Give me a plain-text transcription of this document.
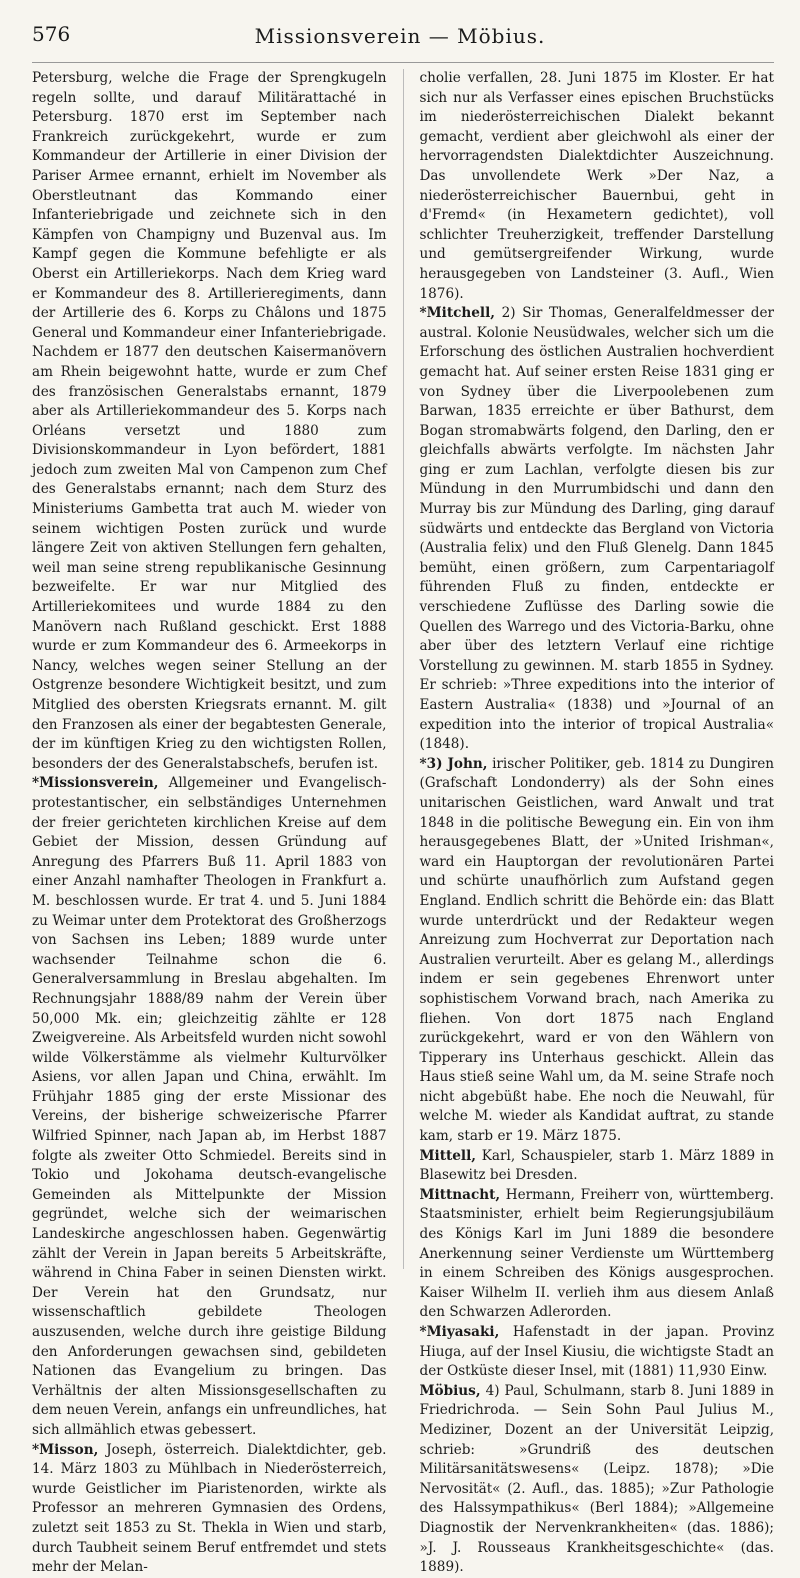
576	Missionsverein — Möbius.

Petersburg, welche die Frage der Sprengkugeln regeln sollte, und darauf Militärattaché in Petersburg. 1870 erst im September nach Frankreich zurückgekehrt, wurde er zum Kommandeur der Artillerie in einer Division der Pariser Armee ernannt, erhielt im November als Oberstleutnant das Kommando einer Infanteriebrigade und zeichnete sich in den Kämpfen von Champigny und Buzenval aus. Im Kampf gegen die Kommune befehligte er als Oberst ein Artilleriekorps. Nach dem Krieg ward er Kommandeur des 8. Artillerieregiments, dann der Artillerie des 6. Korps zu Châlons und 1875 General und Kommandeur einer Infanteriebrigade. Nachdem er 1877 den deutschen Kaisermanövern am Rhein beigewohnt hatte, wurde er zum Chef des französischen Generalstabs ernannt, 1879 aber als Artilleriekommandeur des 5. Korps nach Orléans versetzt und 1880 zum Divisionskommandeur in Lyon befördert, 1881 jedoch zum zweiten Mal von Campenon zum Chef des Generalstabs ernannt; nach dem Sturz des Ministeriums Gambetta trat auch M. wieder von seinem wichtigen Posten zurück und wurde längere Zeit von aktiven Stellungen fern gehalten, weil man seine streng republikanische Gesinnung bezweifelte. Er war nur Mitglied des Artilleriekomitees und wurde 1884 zu den Manövern nach Rußland geschickt. Erst 1888 wurde er zum Kommandeur des 6. Armeekorps in Nancy, welches wegen seiner Stellung an der Ostgrenze besondere Wichtigkeit besitzt, und zum Mitglied des obersten Kriegsrats ernannt. M. gilt den Franzosen als einer der begabtesten Generale, der im künftigen Krieg zu den wichtigsten Rollen, besonders der des Generalstabschefs, berufen ist.

*Missionsverein, Allgemeiner und Evangelisch-protestantischer, ein selbständiges Unternehmen der freier gerichteten kirchlichen Kreise auf dem Gebiet der Mission, dessen Gründung auf Anregung des Pfarrers Buß 11. April 1883 von einer Anzahl namhafter Theologen in Frankfurt a. M. beschlossen wurde. Er trat 4. und 5. Juni 1884 zu Weimar unter dem Protektorat des Großherzogs von Sachsen ins Leben; 1889 wurde unter wachsender Teilnahme schon die 6. Generalversammlung in Breslau abgehalten. Im Rechnungsjahr 1888/89 nahm der Verein über 50,000 Mk. ein; gleichzeitig zählte er 128 Zweigvereine. Als Arbeitsfeld wurden nicht sowohl wilde Völkerstämme als vielmehr Kulturvölker Asiens, vor allen Japan und China, erwählt. Im Frühjahr 1885 ging der erste Missionar des Vereins, der bisherige schweizerische Pfarrer Wilfried Spinner, nach Japan ab, im Herbst 1887 folgte als zweiter Otto Schmiedel. Bereits sind in Tokio und Jokohama deutsch-evangelische Gemeinden als Mittelpunkte der Mission gegründet, welche sich der weimarischen Landeskirche angeschlossen haben. Gegenwärtig zählt der Verein in Japan bereits 5 Arbeitskräfte, während in China Faber in seinen Diensten wirkt. Der Verein hat den Grundsatz, nur wissenschaftlich gebildete Theologen auszusenden, welche durch ihre geistige Bildung den Anforderungen gewachsen sind, gebildeten Nationen das Evangelium zu bringen. Das Verhältnis der alten Missionsgesellschaften zu dem neuen Verein, anfangs ein unfreundliches, hat sich allmählich etwas gebessert.

*Misson, Joseph, österreich. Dialektdichter, geb. 14. März 1803 zu Mühlbach in Niederösterreich, wurde Geistlicher im Piaristenorden, wirkte als Professor an mehreren Gymnasien des Ordens, zuletzt seit 1853 zu St. Thekla in Wien und starb, durch Taubheit seinem Beruf entfremdet und stets mehr der Melan-

cholie verfallen, 28. Juni 1875 im Kloster. Er hat sich nur als Verfasser eines epischen Bruchstücks im niederösterreichischen Dialekt bekannt gemacht, verdient aber gleichwohl als einer der hervorragendsten Dialektdichter Auszeichnung. Das unvollendete Werk »Der Naz, a niederösterreichischer Bauernbui, geht in d'Fremd« (in Hexametern gedichtet), voll schlichter Treuherzigkeit, treffender Darstellung und gemütsergreifender Wirkung, wurde herausgegeben von Landsteiner (3. Aufl., Wien 1876).

*Mitchell, 2) Sir Thomas, Generalfeldmesser der austral. Kolonie Neusüdwales, welcher sich um die Erforschung des östlichen Australien hochverdient gemacht hat. Auf seiner ersten Reise 1831 ging er von Sydney über die Liverpoolebenen zum Barwan, 1835 erreichte er über Bathurst, dem Bogan stromabwärts folgend, den Darling, den er gleichfalls abwärts verfolgte. Im nächsten Jahr ging er zum Lachlan, verfolgte diesen bis zur Mündung in den Murrumbidschi und dann den Murray bis zur Mündung des Darling, ging darauf südwärts und entdeckte das Bergland von Victoria (Australia felix) und den Fluß Glenelg. Dann 1845 bemüht, einen größern, zum Carpentariagolf führenden Fluß zu finden, entdeckte er verschiedene Zuflüsse des Darling sowie die Quellen des Warrego und des Victoria-Barku, ohne aber über des letztern Verlauf eine richtige Vorstellung zu gewinnen. M. starb 1855 in Sydney. Er schrieb: »Three expeditions into the interior of Eastern Australia« (1838) und »Journal of an expedition into the interior of tropical Australia« (1848).

*3) John, irischer Politiker, geb. 1814 zu Dungiren (Grafschaft Londonderry) als der Sohn eines unitarischen Geistlichen, ward Anwalt und trat 1848 in die politische Bewegung ein. Ein von ihm herausgegebenes Blatt, der »United Irishman«, ward ein Hauptorgan der revolutionären Partei und schürte unaufhörlich zum Aufstand gegen England. Endlich schritt die Behörde ein: das Blatt wurde unterdrückt und der Redakteur wegen Anreizung zum Hochverrat zur Deportation nach Australien verurteilt. Aber es gelang M., allerdings indem er sein gegebenes Ehrenwort unter sophistischem Vorwand brach, nach Amerika zu fliehen. Von dort 1875 nach England zurückgekehrt, ward er von den Wählern von Tipperary ins Unterhaus geschickt. Allein das Haus stieß seine Wahl um, da M. seine Strafe noch nicht abgebüßt habe. Ehe noch die Neuwahl, für welche M. wieder als Kandidat auftrat, zu stande kam, starb er 19. März 1875.

Mittell, Karl, Schauspieler, starb 1. März 1889 in Blasewitz bei Dresden.

Mittnacht, Hermann, Freiherr von, württemberg. Staatsminister, erhielt beim Regierungsjubiläum des Königs Karl im Juni 1889 die besondere Anerkennung seiner Verdienste um Württemberg in einem Schreiben des Königs ausgesprochen. Kaiser Wilhelm II. verlieh ihm aus diesem Anlaß den Schwarzen Adlerorden.

*Miyasaki, Hafenstadt in der japan. Provinz Hiuga, auf der Insel Kiusiu, die wichtigste Stadt an der Ostküste dieser Insel, mit (1881) 11,930 Einw.

Möbius, 4) Paul, Schulmann, starb 8. Juni 1889 in Friedrichroda. — Sein Sohn Paul Julius M., Mediziner, Dozent an der Universität Leipzig, schrieb: »Grundriß des deutschen Militärsanitätswesens« (Leipz. 1878); »Die Nervosität« (2. Aufl., das. 1885); »Zur Pathologie des Halssympathikus« (Berl 1884); »Allgemeine Diagnostik der Nervenkrankheiten« (das. 1886); »J. J. Rousseaus Krankheitsgeschichte« (das. 1889).
